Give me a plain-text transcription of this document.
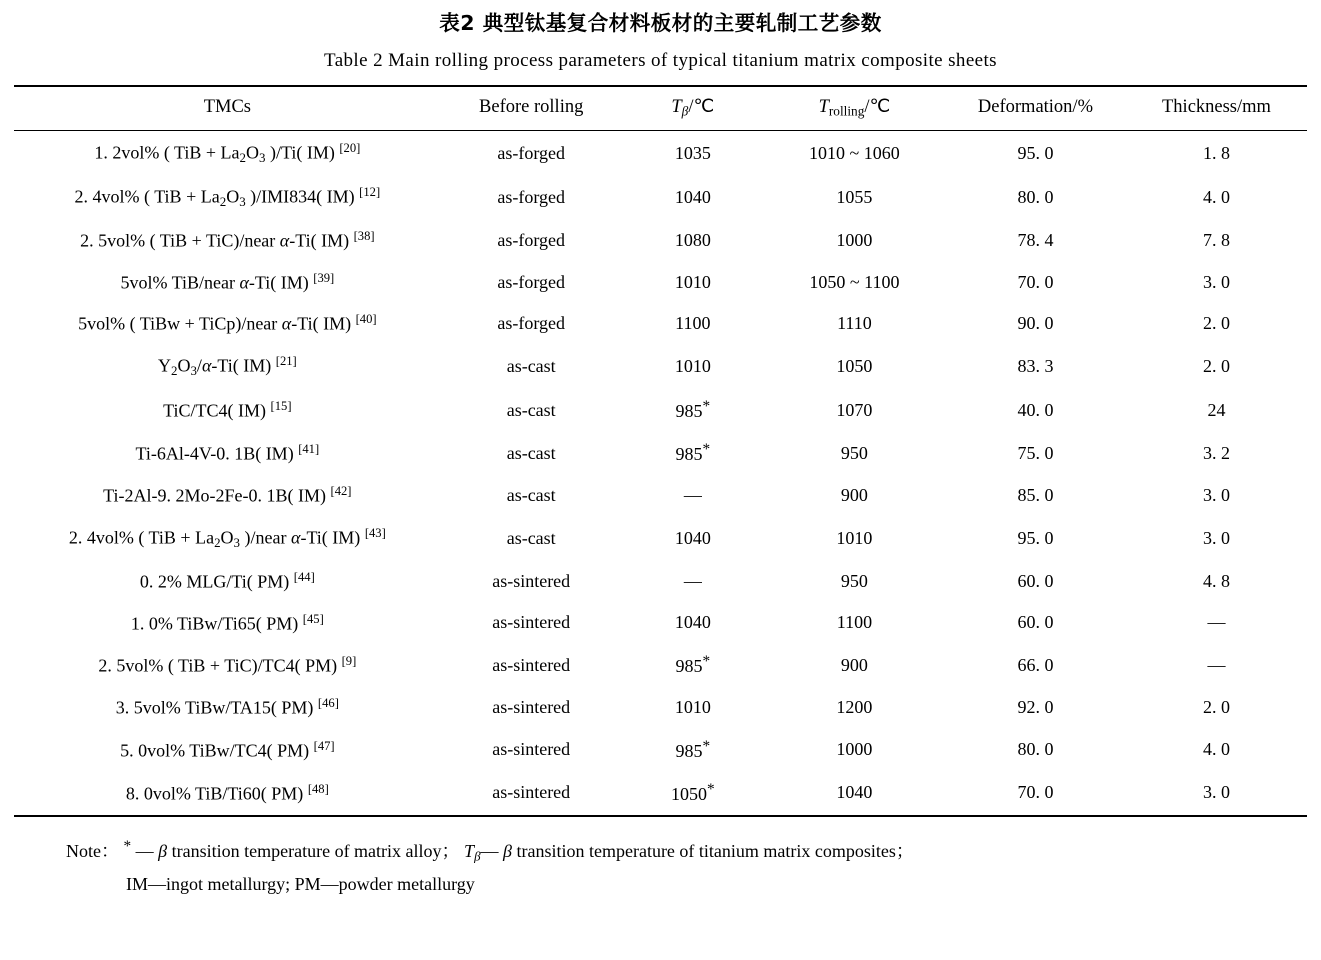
表2 典型钛基复合材料板材的主要轧制工艺参数
Table 2 Main rolling process parameters of typical titanium matrix composite sheets
TMCs	Before rolling	$T_\beta/℃$	$T_{rolling}/℃$	Deformation/%	Thickness/mm
1. 2vol% ( TiB + $La_2O_3$ )/Ti( IM) [20]	as-forged	1035	1010 ~ 1060	95. 0	1. 8
2. 4vol% ( TiB + $La_2O_3$ )/IMI834( IM) [12]	as-forged	1040	1055	80. 0	4. 0
2. 5vol% ( TiB + TiC)/near α-Ti( IM) [38]	as-forged	1080	1000	78. 4	7. 8
5vol% TiB/near α-Ti( IM) [39]	as-forged	1010	1050 ~ 1100	70. 0	3. 0
5vol% ( TiBw + TiCp)/near α-Ti( IM) [40]	as-forged	1100	1110	90. 0	2. 0
$Y_2O_3/\alpha-Ti$( IM) [21]	as-cast	1010	1050	83. 3	2. 0
TiC/TC4( IM) [15]	as-cast	985*	1070	40. 0	24
Ti-6Al-4V-0. 1B( IM) [41]	as-cast	985*	950	75. 0	3. 2
Ti-2Al-9. 2Mo-2Fe-0. 1B( IM) [42]	as-cast	—	900	85. 0	3. 0
2. 4vol% ( TiB + $La_2O_3$ )/near α-Ti( IM) [43]	as-cast	1040	1010	95. 0	3. 0
0. 2% MLG/Ti( PM) [44]	as-sintered	—	950	60. 0	4. 8
1. 0% TiBw/Ti65( PM) [45]	as-sintered	1040	1100	60. 0	—
2. 5vol% ( TiB + TiC)/TC4( PM) [9]	as-sintered	985*	900	66. 0	—
3. 5vol% TiBw/TA15( PM) [46]	as-sintered	1010	1200	92. 0	2. 0
5. 0vol% TiBw/TC4( PM) [47]	as-sintered	985*	1000	80. 0	4. 0
8. 0vol% TiB/Ti60( PM) [48]	as-sintered	1050*	1040	70. 0	3. 0
Note： * — β transition temperature of matrix alloy； $T_\beta—$ β transition temperature of titanium matrix composites；
IM—ingot metallurgy; PM—powder metallurgy
